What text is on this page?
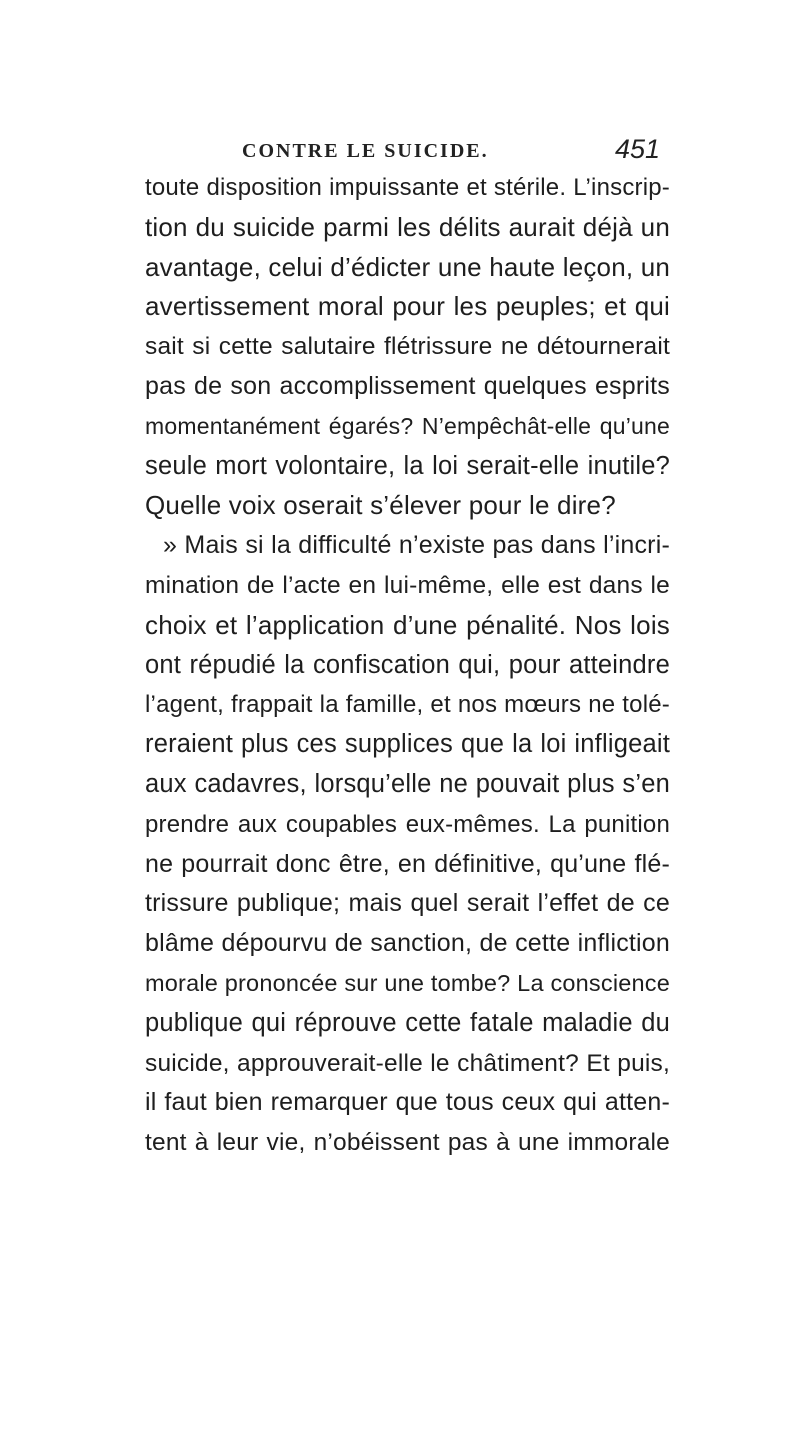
CONTRE LE SUICIDE.	451
toute disposition impuissante et stérile. L’inscrip-
tion du suicide parmi les délits aurait déjà un
avantage, celui d’édicter une haute leçon, un
avertissement moral pour les peuples; et qui
sait si cette salutaire flétrissure ne détournerait
pas de son accomplissement quelques esprits
momentanément égarés? N’empêchât-elle qu’une
seule mort volontaire, la loi serait-elle inutile?
Quelle voix oserait s’élever pour le dire?
» Mais si la difficulté n’existe pas dans l’incri-
mination de l’acte en lui-même, elle est dans le
choix et l’application d’une pénalité. Nos lois
ont répudié la confiscation qui, pour atteindre
l’agent, frappait la famille, et nos mœurs ne tolé-
reraient plus ces supplices que la loi infligeait
aux cadavres, lorsqu’elle ne pouvait plus s’en
prendre aux coupables eux-mêmes. La punition
ne pourrait donc être, en définitive, qu’une flé-
trissure publique; mais quel serait l’effet de ce
blâme dépourvu de sanction, de cette infliction
morale prononcée sur une tombe? La conscience
publique qui réprouve cette fatale maladie du
suicide, approuverait-elle le châtiment? Et puis,
il faut bien remarquer que tous ceux qui atten-
tent à leur vie, n’obéissent pas à une immorale
